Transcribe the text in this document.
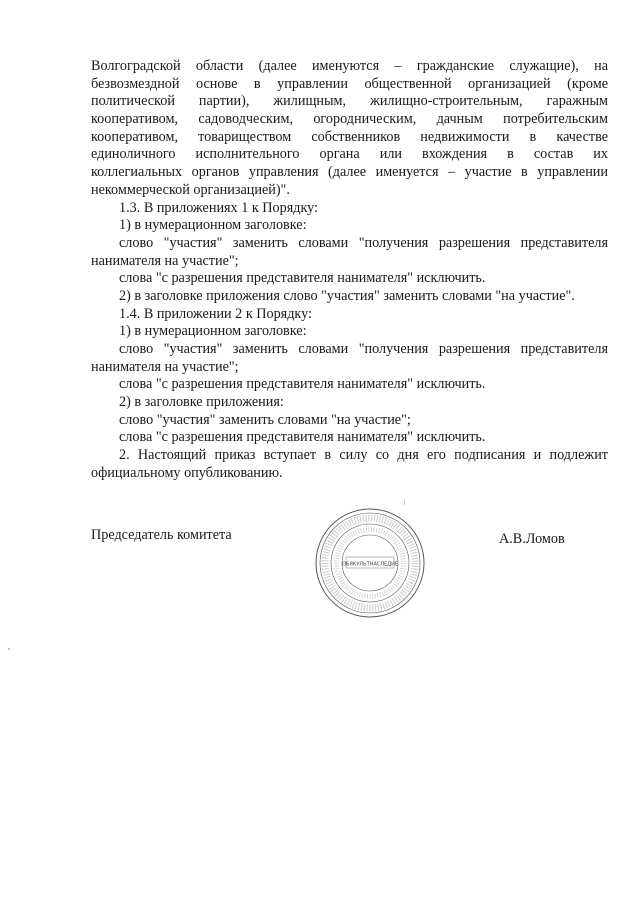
Волгоградской области (далее именуются – гражданские служащие), на
безвозмездной основе в управлении общественной организацией (кроме
политической партии), жилищным, жилищно-строительным, гаражным
кооперативом, садоводческим, огородническим, дачным потребительским
кооперативом, товариществом собственников недвижимости в качестве
единоличного исполнительного органа или вхождения в состав их
коллегиальных органов управления (далее именуется – участие в управлении
некоммерческой организацией)".
1.3. В приложениях 1 к Порядку:
1) в нумерационном заголовке:
слово "участия" заменить словами "получения разрешения представителя
нанимателя на участие";
слова "с разрешения представителя нанимателя" исключить.
2) в заголовке приложения слово "участия" заменить словами "на участие".
1.4. В приложении 2 к Порядку:
1) в нумерационном заголовке:
слово "участия" заменить словами "получения разрешения представителя
нанимателя на участие";
слова "с разрешения представителя нанимателя" исключить.
2) в заголовке приложения:
слово "участия" заменить словами "на участие";
слова "с разрешения представителя нанимателя" исключить.
2. Настоящий приказ вступает в силу со дня его подписания и подлежит
официальному опубликованию.
Председатель комитета
ОБЯКУЛЬТНАСЛЕДИЕ
А.В.Ломов
